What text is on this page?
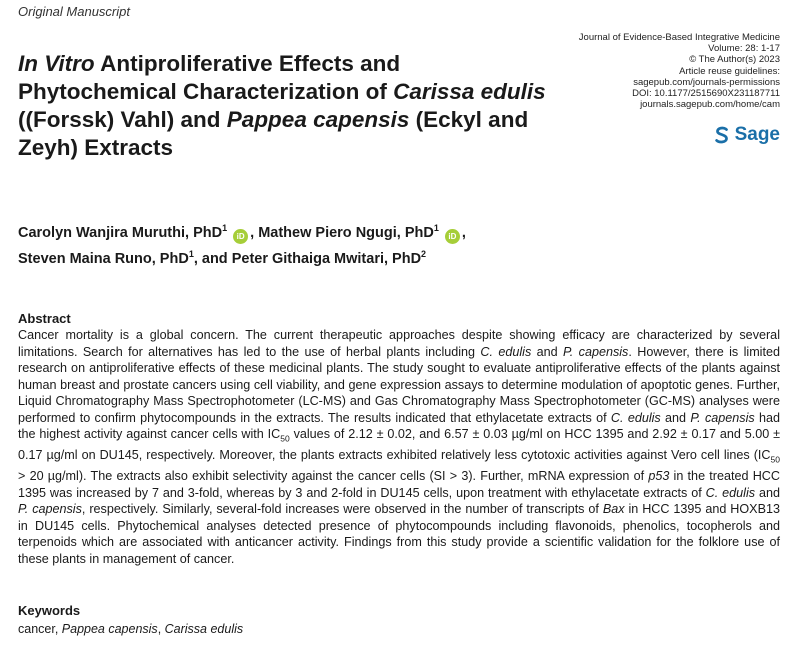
Original Manuscript
Journal of Evidence-Based Integrative Medicine
Volume: 28: 1-17
© The Author(s) 2023
Article reuse guidelines:
sagepub.com/journals-permissions
DOI: 10.1177/2515690X231187711
journals.sagepub.com/home/cam
Sage
In Vitro Antiproliferative Effects and Phytochemical Characterization of Carissa edulis ((Forssk) Vahl) and Pappea capensis (Eckyl and Zeyh) Extracts
Carolyn Wanjira Muruthi, PhD$^1$ iD , Mathew Piero Ngugi, PhD$^1$ iD ,
Steven Maina Runo, PhD$^1$, and Peter Githaiga Mwitari, PhD$^2$
Abstract

Cancer mortality is a global concern. The current therapeutic approaches despite showing efficacy are characterized by several limitations. Search for alternatives has led to the use of herbal plants including C. edulis and P. capensis. However, there is limited research on antiproliferative effects of these medicinal plants. The study sought to evaluate antiproliferative effects of the plants against human breast and prostate cancers using cell viability, and gene expression assays to determine modulation of apoptotic genes. Further, Liquid Chromatography Mass Spectrophotometer (LC-MS) and Gas Chromatography Mass Spectrophotometer (GC-MS) analyses were performed to confirm phytocompounds in the extracts. The results indicated that ethylacetate extracts of C. edulis and P. capensis had the highest activity against cancer cells with $IC_{50}$ values of 2.12 ± 0.02, and 6.57 ± 0.03 µg/ml on HCC 1395 and 2.92 ± 0.17 and 5.00 ± 0.17 µg/ml on DU145, respectively. Moreover, the plants extracts exhibited relatively less cytotoxic activities against Vero cell lines ($IC_{50} > 20$ µg/ml). The extracts also exhibit selectivity against the cancer cells (SI > 3). Further, mRNA expression of p53 in the treated HCC 1395 was increased by 7 and 3-fold, whereas by 3 and 2-fold in DU145 cells, upon treatment with ethylacetate extracts of C. edulis and P. capensis, respectively. Similarly, several-fold increases were observed in the number of transcripts of Bax in HCC 1395 and HOXB13 in DU145 cells. Phytochemical analyses detected presence of phytocompounds including flavonoids, phenolics, tocopherols and terpenoids which are associated with anticancer activity. Findings from this study provide a scientific validation for the folklore use of these plants in management of cancer.

Keywords
cancer, Pappea capensis, Carissa edulis
